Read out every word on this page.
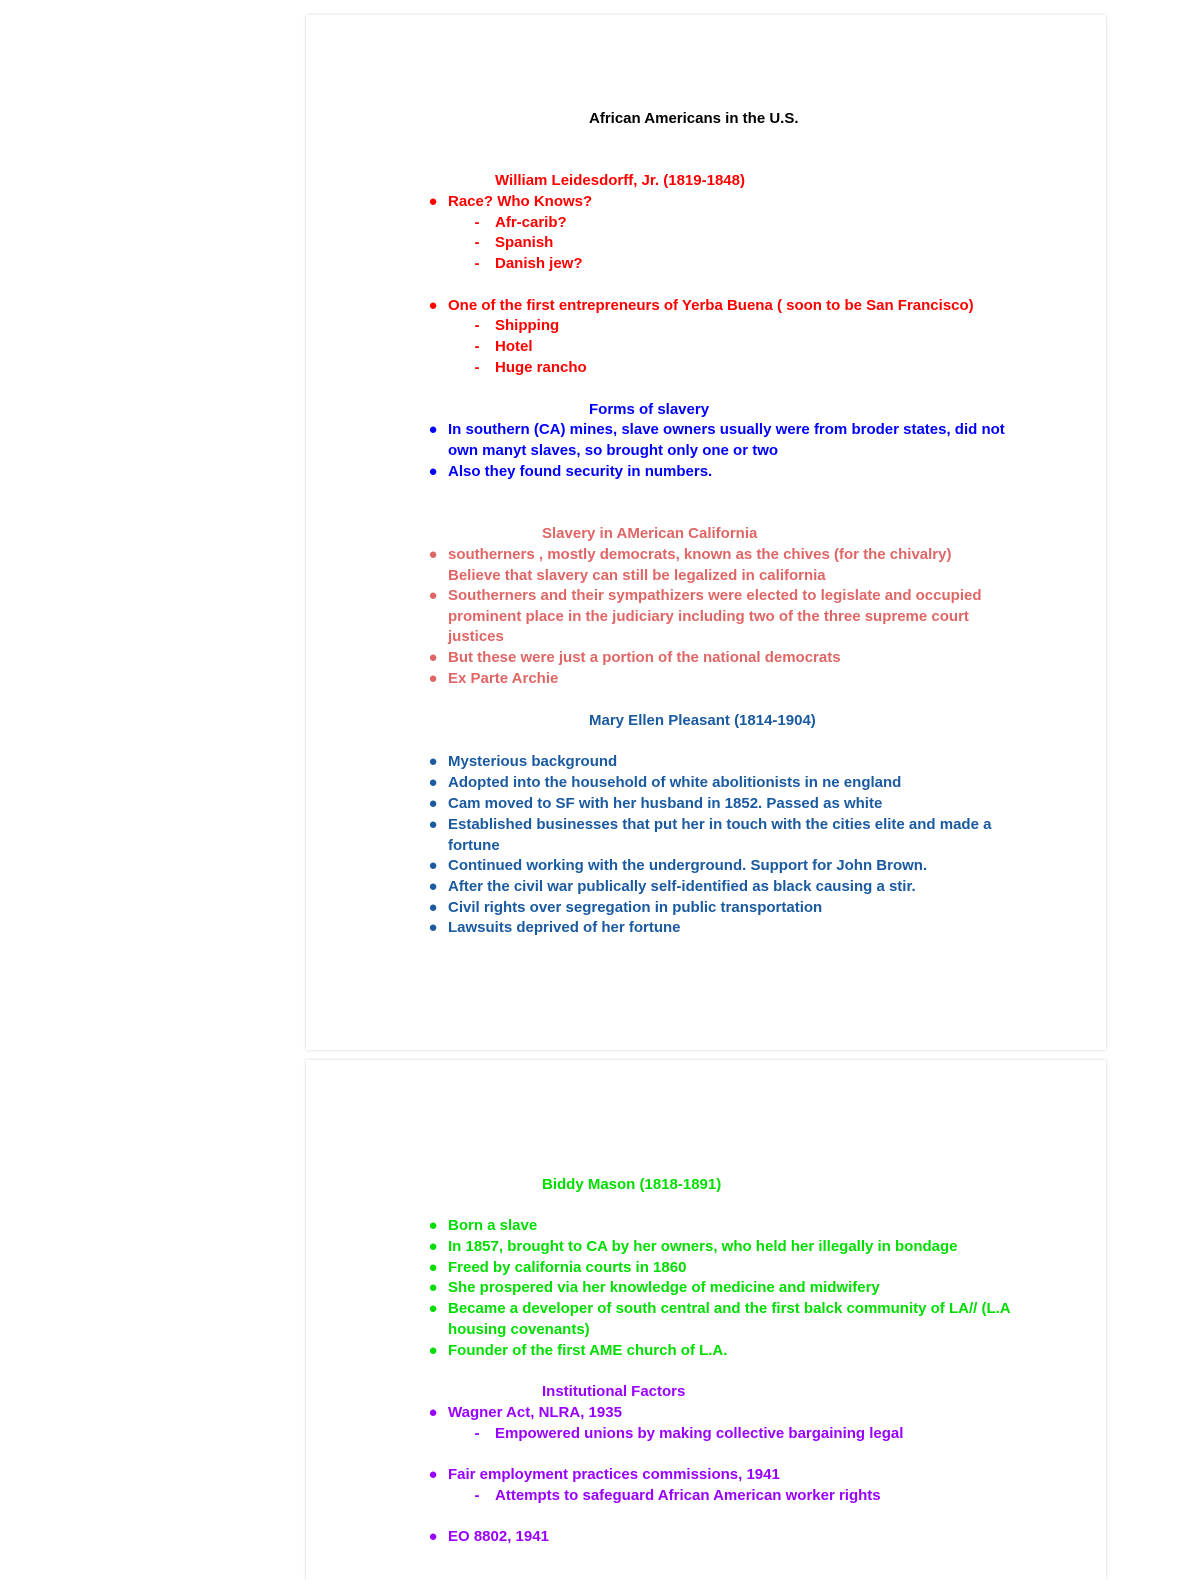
African Americans in the U.S.
William Leidesdorff, Jr. (1819-1848)
● Race? Who Knows?
- Afr-carib?
- Spanish
- Danish jew?
● One of the first entrepreneurs of Yerba Buena ( soon to be San Francisco)
- Shipping
- Hotel
- Huge rancho
Forms of slavery
● In southern (CA) mines, slave owners usually were from broder states, did not own manyt slaves, so brought only one or two
● Also they found security in numbers.
Slavery in AMerican California
● southerners , mostly democrats, known as the chives (for the chivalry) Believe that slavery can still be legalized in california
● Southerners and their sympathizers were elected to legislate and occupied prominent place in the judiciary including two of the three supreme court justices
● But these were just a portion of the national democrats
● Ex Parte Archie
Mary Ellen Pleasant (1814-1904)
● Mysterious background
● Adopted into the household of white abolitionists in ne england
● Cam moved to SF with her husband in 1852. Passed as white
● Established businesses that put her in touch with the cities elite and made a fortune
● Continued working with the underground. Support for John Brown.
● After the civil war publically self-identified as black causing a stir.
● Civil rights over segregation in public transportation
● Lawsuits deprived of her fortune
Biddy Mason (1818-1891)
● Born a slave
● In 1857, brought to CA by her owners, who held her illegally in bondage
● Freed by california courts in 1860
● She prospered via her knowledge of medicine and midwifery
● Became a developer of south central and the first balck community of LA// (L.A housing covenants)
● Founder of the first AME church of L.A.
Institutional Factors
● Wagner Act, NLRA, 1935
- Empowered unions by making collective bargaining legal
● Fair employment practices commissions, 1941
- Attempts to safeguard African American worker rights
● EO 8802, 1941
